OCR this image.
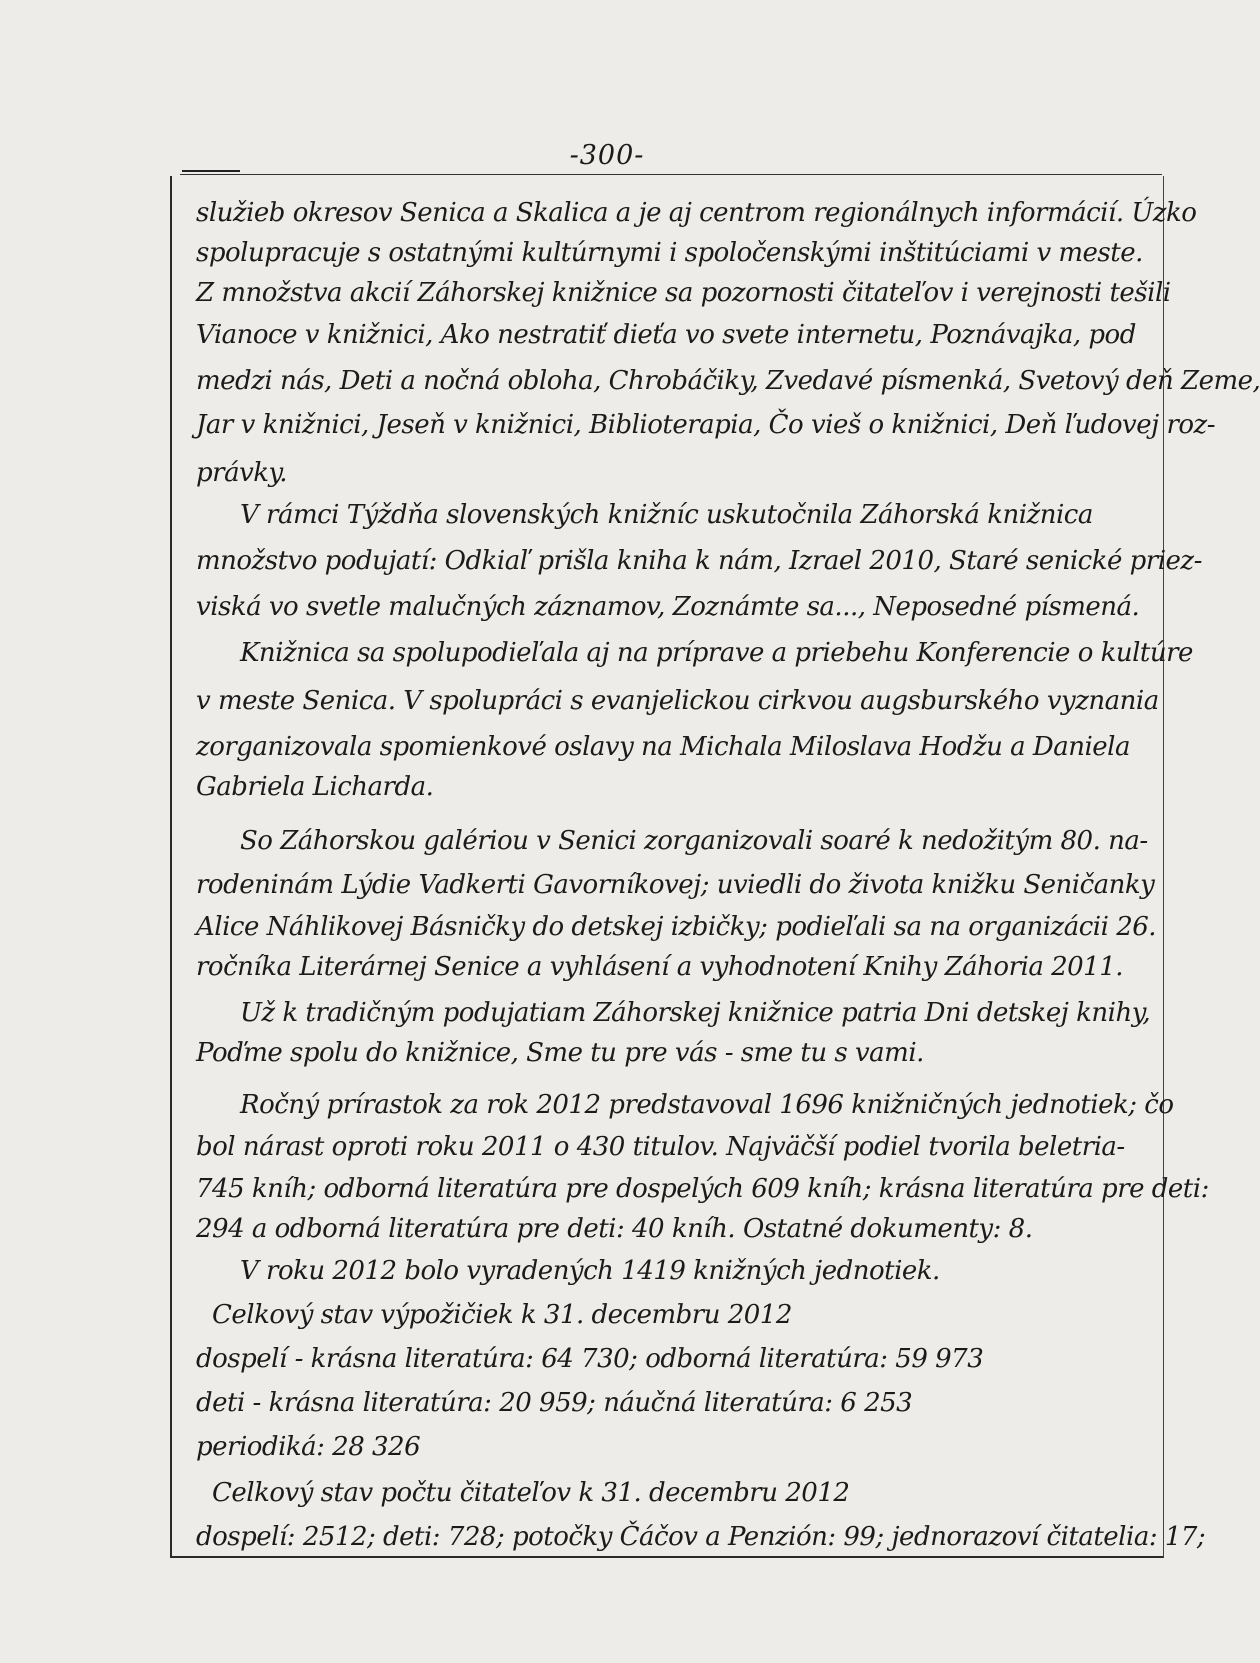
-300-
služieb okresov Senica a Skalica a je aj centrom regionálnych informácií. Úzko
spolupracuje s ostatnými kultúrnymi i spoločenskými inštitúciami v meste.
Z množstva akcií Záhorskej knižnice sa pozornosti čitateľov i verejnosti tešili
Vianoce v knižnici, Ako nestratiť dieťa vo svete internetu, Poznávajka, pod
medzi nás, Deti a nočná obloha, Chrobáčiky, Zvedavé písmenká, Svetový deň Zeme,
Jar v knižnici, Jeseň v knižnici, Biblioterapia, Čo vieš o knižnici, Deň ľudovej roz-
právky.
V rámci Týždňa slovenských knižníc uskutočnila Záhorská knižnica
množstvo podujatí: Odkiaľ prišla kniha k nám, Izrael 2010, Staré senické priez-
viská vo svetle malučných záznamov, Zoznámte sa..., Neposedné písmená.
Knižnica sa spolupodieľala aj na príprave a priebehu Konferencie o kultúre
v meste Senica. V spolupráci s evanjelickou cirkvou augsburského vyznania
zorganizovala spomienkové oslavy na Michala Miloslava Hodžu a Daniela
Gabriela Licharda.
So Záhorskou galériou v Senici zorganizovali soaré k nedožitým 80. na-
rodeninám Lýdie Vadkerti Gavorníkovej; uviedli do života knižku Seničanky
Alice Náhlikovej Básničky do detskej izbičky; podieľali sa na organizácii 26.
ročníka Literárnej Senice a vyhlásení a vyhodnotení Knihy Záhoria 2011.
Už k tradičným podujatiam Záhorskej knižnice patria Dni detskej knihy,
Poďme spolu do knižnice, Sme tu pre vás - sme tu s vami.
Ročný prírastok za rok 2012 predstavoval 1696 knižničných jednotiek; čo
bol nárast oproti roku 2011 o 430 titulov. Najväčší podiel tvorila beletria-
745 kníh; odborná literatúra pre dospelých 609 kníh; krásna literatúra pre deti:
294 a odborná literatúra pre deti: 40 kníh. Ostatné dokumenty: 8.
V roku 2012 bolo vyradených 1419 knižných jednotiek.
Celkový stav výpožičiek k 31. decembru 2012
dospelí - krásna literatúra: 64 730; odborná literatúra: 59 973
deti - krásna literatúra: 20 959; náučná literatúra: 6 253
periodiká: 28 326
Celkový stav počtu čitateľov k 31. decembru 2012
dospelí: 2512; deti: 728; potočky Čáčov a Penzión: 99; jednorazoví čitatelia: 17;
